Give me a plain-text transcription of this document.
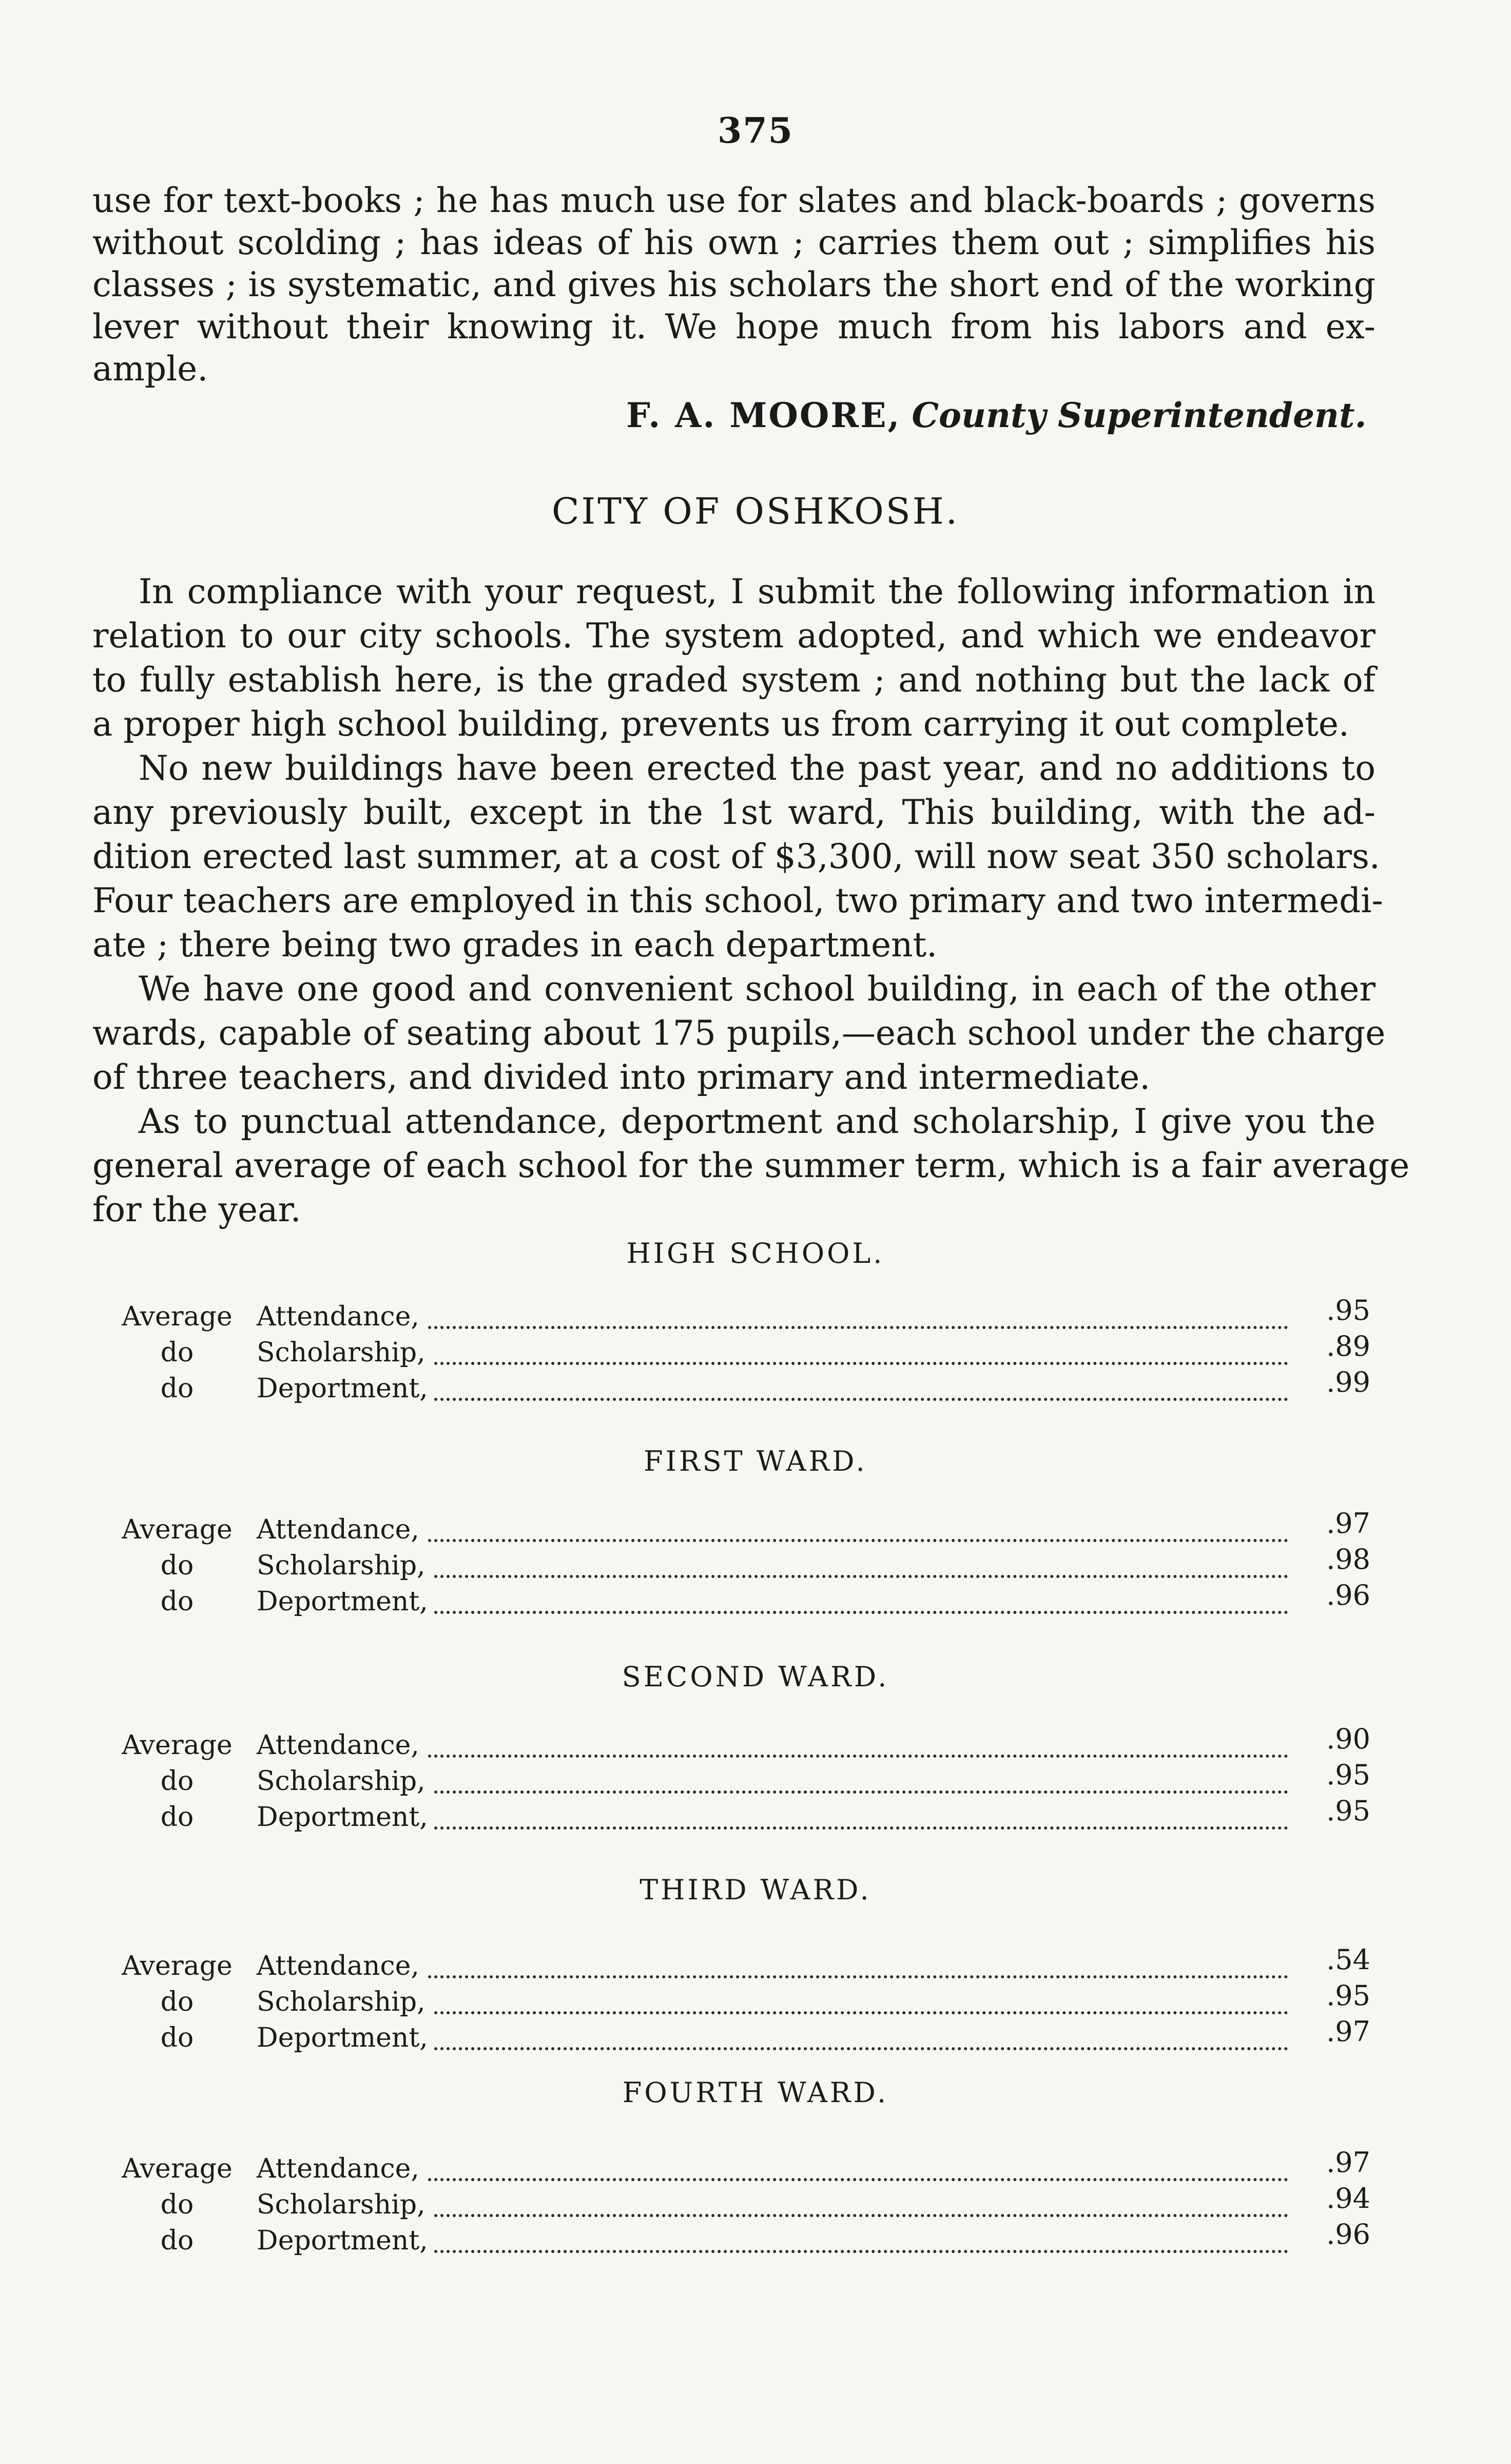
375
use for text-books ; he has much use for slates and black-boards ; governs
without scolding ; has ideas of his own ; carries them out ; simplifies his
classes ; is systematic, and gives his scholars the short end of the working
lever without their knowing it. We hope much from his labors and ex-
ample.
F. A. MOORE, County Superintendent.
CITY OF OSHKOSH.
In compliance with your request, I submit the following information in
relation to our city schools. The system adopted, and which we endeavor
to fully establish here, is the graded system ; and nothing but the lack of
a proper high school building, prevents us from carrying it out complete.
No new buildings have been erected the past year, and no additions to
any previously built, except in the 1st ward, This building, with the ad-
dition erected last summer, at a cost of $3,300, will now seat 350 scholars.
Four teachers are employed in this school, two primary and two intermedi-
ate ; there being two grades in each department.
We have one good and convenient school building, in each of the other
wards, capable of seating about 175 pupils,—each school under the charge
of three teachers, and divided into primary and intermediate.
As to punctual attendance, deportment and scholarship, I give you the
general average of each school for the summer term, which is a fair average
for the year.
HIGH SCHOOL.
Average Attendance,	.95
do	Scholarship,	.89
do	Deportment,	.99
FIRST WARD.
Average Attendance,	.97
do	Scholarship,	.98
do	Deportment,	.96
SECOND WARD.
Average Attendance,	.90
do	Scholarship,	.95
do	Deportment,	.95
THIRD WARD.
Average Attendance,	.54
do	Scholarship,	.95
do	Deportment,	.97
FOURTH WARD.
Average Attendance,	.97
do	Scholarship,	.94
do	Deportment,	.96
